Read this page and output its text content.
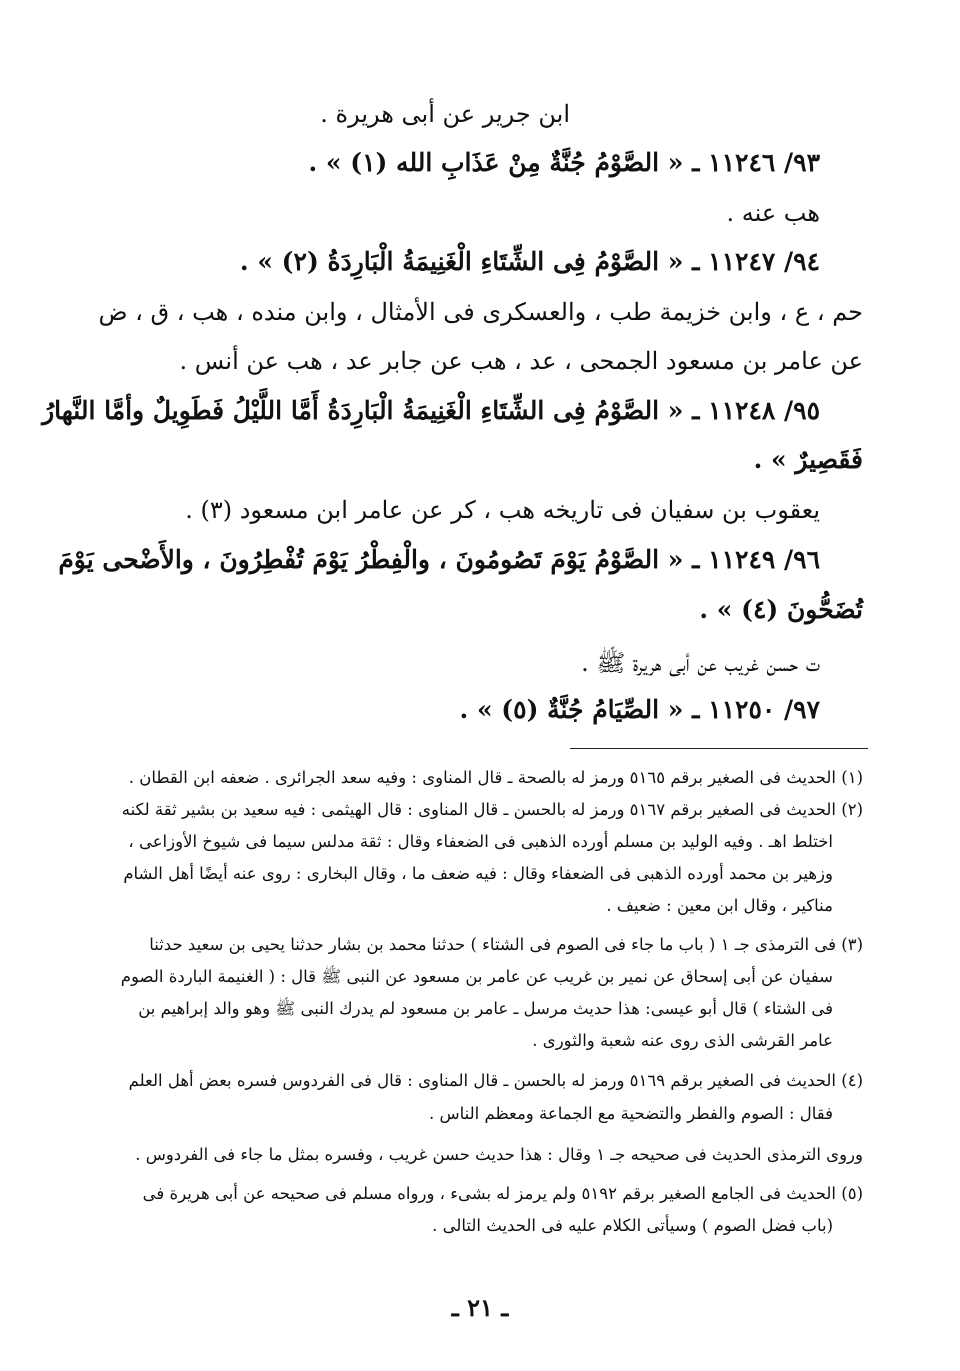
ابن جرير عن أبى هريرة .
٩٣/ ١١٢٤٦ ـ « الصَّوْمُ جُنَّةٌ مِنْ عَذَابِ الله (١) » .
هب عنه .
٩٤/ ١١٢٤٧ ـ « الصَّوْمُ فِى الشِّتَاءِ الْغَنِيمَةُ الْبَارِدَةُ (٢) » .
حم ، ع ، وابن خزيمة طب ، والعسكرى فى الأمثال ، وابن منده ، هب ، ق ، ض
عن عامر بن مسعود الجمحى ، عد ، هب عن جابر عد ، هب عن أنس .
٩٥/ ١١٢٤٨ ـ « الصَّوْمُ فِى الشِّتَاءِ الْغَنِيمَةُ الْبَارِدَةُ أَمَّا اللَّيْلُ فَطَوِيلٌ وأمَّا النَّهارُ
فَقَصِيرٌ » .
يعقوب بن سفيان فى تاريخه هب ، كر عن عامر ابن مسعود (٣) .
٩٦/ ١١٢٤٩ ـ « الصَّوْمُ يَوْمَ تَصُومُونَ ، والْفِطْرُ يَوْمَ تُفْطِرُونَ ، والأَضْحى يَوْمَ
تُضَحُّونَ (٤) » .
ت حسن غريب عن أبى هريرة ﷺ .
٩٧/ ١١٢٥٠ ـ « الصِّيَامُ جُنَّةٌ (٥) » .
(١) الحديث فى الصغير برقم ٥١٦٥ ورمز له بالصحة ـ قال المناوى : وفيه سعد الجرائرى . ضعفه ابن القطان .
(٢) الحديث فى الصغير برقم ٥١٦٧ ورمز له بالحسن ـ قال المناوى : قال الهيثمى : فيه سعيد بن بشير ثقة لكنه
اختلط اهـ . وفيه الوليد بن مسلم أورده الذهبى فى الضعفاء وقال : ثقة مدلس سيما فى شيوخ الأوزاعى ،
وزهير بن محمد أورده الذهبى فى الضعفاء وقال : فيه ضعف ما ، وقال البخارى : روى عنه أيضًا أهل الشام
مناكير ، وقال ابن معين : ضعيف .
(٣) فى الترمذى جـ ١ ( باب ما جاء فى الصوم فى الشتاء ) حدثنا محمد بن بشار حدثنا يحيى بن سعيد حدثنا
سفيان عن أبى إسحاق عن نمير بن غريب عن عامر بن مسعود عن النبى ﷺ قال : ( الغنيمة الباردة الصوم
فى الشتاء ) قال أبو عيسى: هذا حديث مرسل ـ عامر بن مسعود لم يدرك النبى ﷺ وهو والد إبراهيم بن
عامر القرشى الذى روى عنه شعبة والثورى .
(٤) الحديث فى الصغير برقم ٥١٦٩ ورمز له بالحسن ـ قال المناوى : قال فى الفردوس فسره بعض أهل العلم
فقال : الصوم والفطر والتضحية مع الجماعة ومعظم الناس .
وروى الترمذى الحديث فى صحيحه جـ ١ وقال : هذا حديث حسن غريب ، وفسره بمثل ما جاء فى الفردوس .
(٥) الحديث فى الجامع الصغير برقم ٥١٩٢ ولم يرمز له بشىء ، ورواه مسلم فى صحيحه عن أبى هريرة فى
(باب فضل الصوم ) وسيأتى الكلام عليه فى الحديث التالى .
ـ ٢١ ـ
